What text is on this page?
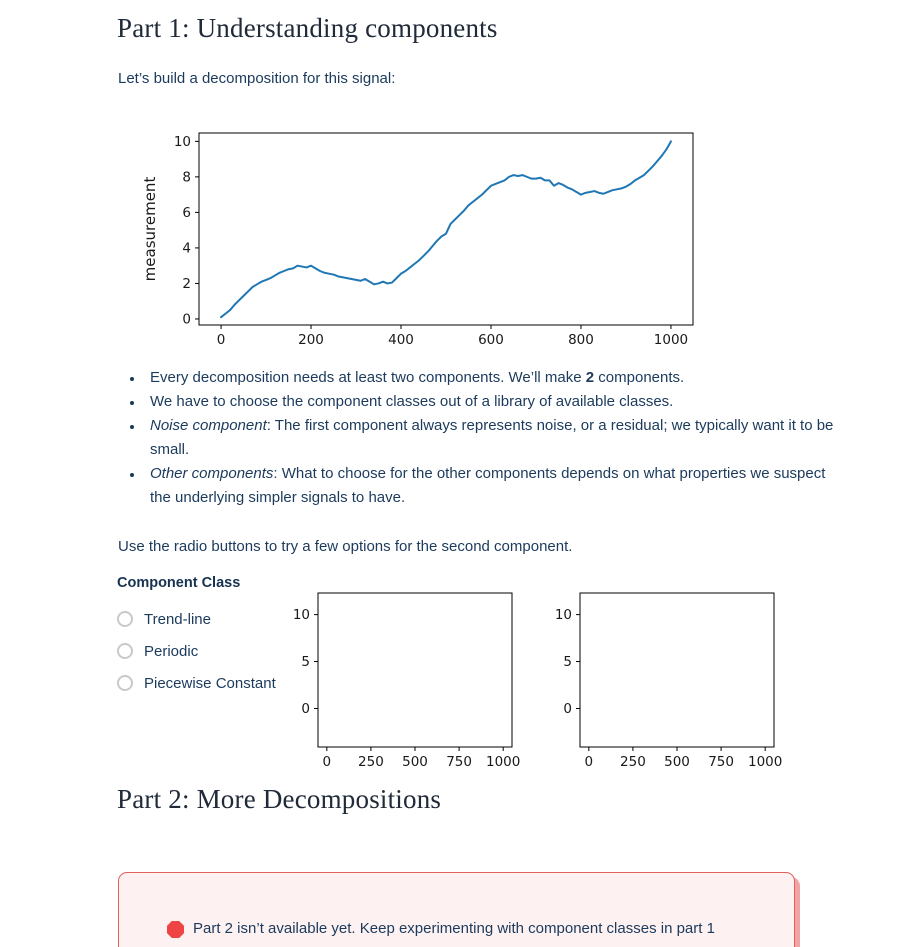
Part 1: Understanding components

Let’s build a decomposition for this signal:

0	200	400	600	800	1000
0
2
4
6
8
10
measurement
• Every decomposition needs at least two components. We’ll make 2 components.
• We have to choose the component classes out of a library of available classes.
• Noise component: The first component always represents noise, or a residual; we typically want it to be small.
• Other components: What to choose for the other components depends on what properties we suspect the underlying simpler signals to have.

Use the radio buttons to try a few options for the second component.

Component Class
Trend-line
Periodic
Piecewise Constant
0 250 500 750 1000
0
5
10
0 250 500 750 1000
0
5
10
Part 2: More Decompositions
Part 2 isn’t available yet. Keep experimenting with component classes in part 1
